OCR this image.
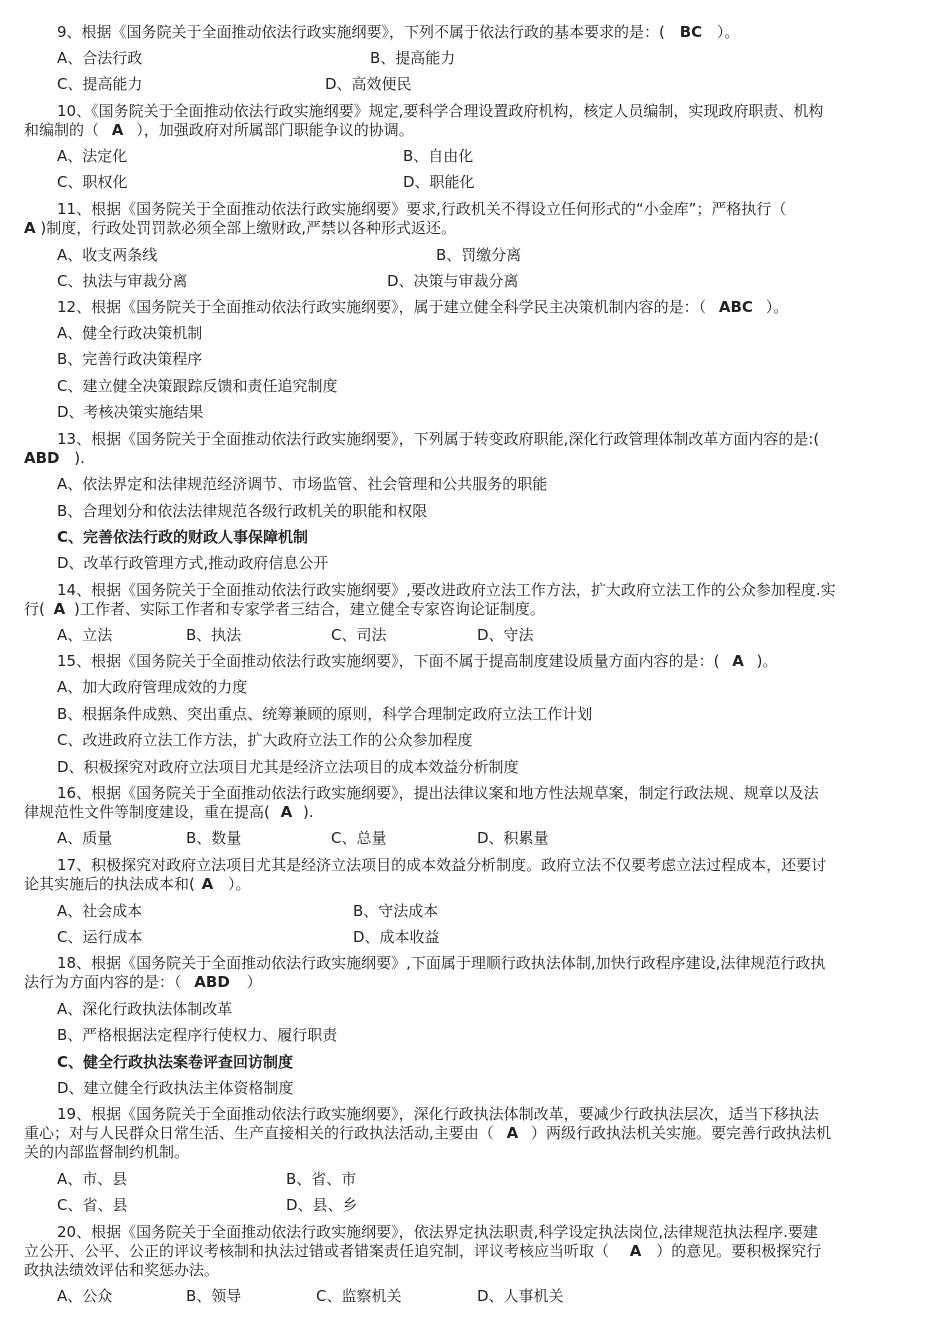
9、根据《国务院关于全面推动依法行政实施纲要》，下列不属于依法行政的基本要求的是：( BC ）。
A、合法行政	B、提高能力
C、提高能力	D、高效便民
10、《国务院关于全面推动依法行政实施纲要》规定,要科学合理设置政府机构，核定人员编制，实现政府职责、机构
和编制的（ A ），加强政府对所属部门职能争议的协调。
A、法定化	B、自由化
C、职权化	D、职能化
11、根据《国务院关于全面推动依法行政实施纲要》要求,行政机关不得设立任何形式的“小金库”；严格执行（
A )制度，行政处罚罚款必须全部上缴财政,严禁以各种形式返还。
A、收支两条线	B、罚缴分离
C、执法与审裁分离	D、决策与审裁分离
12、根据《国务院关于全面推动依法行政实施纲要》，属于建立健全科学民主决策机制内容的是：（ ABC ）。
A、健全行政决策机制
B、完善行政决策程序
C、建立健全决策跟踪反馈和责任追究制度
D、考核决策实施结果
13、根据《国务院关于全面推动依法行政实施纲要》，下列属于转变政府职能,深化行政管理体制改革方面内容的是:(
ABD ).
A、依法界定和法律规范经济调节、市场监管、社会管理和公共服务的职能
B、合理划分和依法法律规范各级行政机关的职能和权限
C、完善依法行政的财政人事保障机制
D、改革行政管理方式,推动政府信息公开
14、根据《国务院关于全面推动依法行政实施纲要》,要改进政府立法工作方法，扩大政府立法工作的公众参加程度.实
行( A )工作者、实际工作者和专家学者三结合，建立健全专家咨询论证制度。
A、立法	B、执法	C、司法	D、守法
15、根据《国务院关于全面推动依法行政实施纲要》，下面不属于提高制度建设质量方面内容的是：( A )。
A、加大政府管理成效的力度
B、根据条件成熟、突出重点、统筹兼顾的原则，科学合理制定政府立法工作计划
C、改进政府立法工作方法，扩大政府立法工作的公众参加程度
D、积极探究对政府立法项目尤其是经济立法项目的成本效益分析制度
16、根据《国务院关于全面推动依法行政实施纲要》，提出法律议案和地方性法规草案，制定行政法规、规章以及法
律规范性文件等制度建设，重在提高( A ).
A、质量	B、数量	C、总量	D、积累量
17、积极探究对政府立法项目尤其是经济立法项目的成本效益分析制度。政府立法不仅要考虑立法过程成本，还要讨
论其实施后的执法成本和( A ）。
A、社会成本	B、守法成本
C、运行成本	D、成本收益
18、根据《国务院关于全面推动依法行政实施纲要》,下面属于理顺行政执法体制,加快行政程序建设,法律规范行政执
法行为方面内容的是：（ ABD ）
A、深化行政执法体制改革
B、严格根据法定程序行使权力、履行职责
C、健全行政执法案卷评查回访制度
D、建立健全行政执法主体资格制度
19、根据《国务院关于全面推动依法行政实施纲要》，深化行政执法体制改革，要减少行政执法层次，适当下移执法
重心；对与人民群众日常生活、生产直接相关的行政执法活动,主要由（ A ）两级行政执法机关实施。要完善行政执法机
关的内部监督制约机制。
A、市、县	B、省、市
C、省、县	D、县、乡
20、根据《国务院关于全面推动依法行政实施纲要》，依法界定执法职责,科学设定执法岗位,法律规范执法程序.要建
立公开、公平、公正的评议考核制和执法过错或者错案责任追究制，评议考核应当听取（ A ）的意见。要积极探究行
政执法绩效评估和奖惩办法。
A、公众	B、领导	C、监察机关	D、人事机关
